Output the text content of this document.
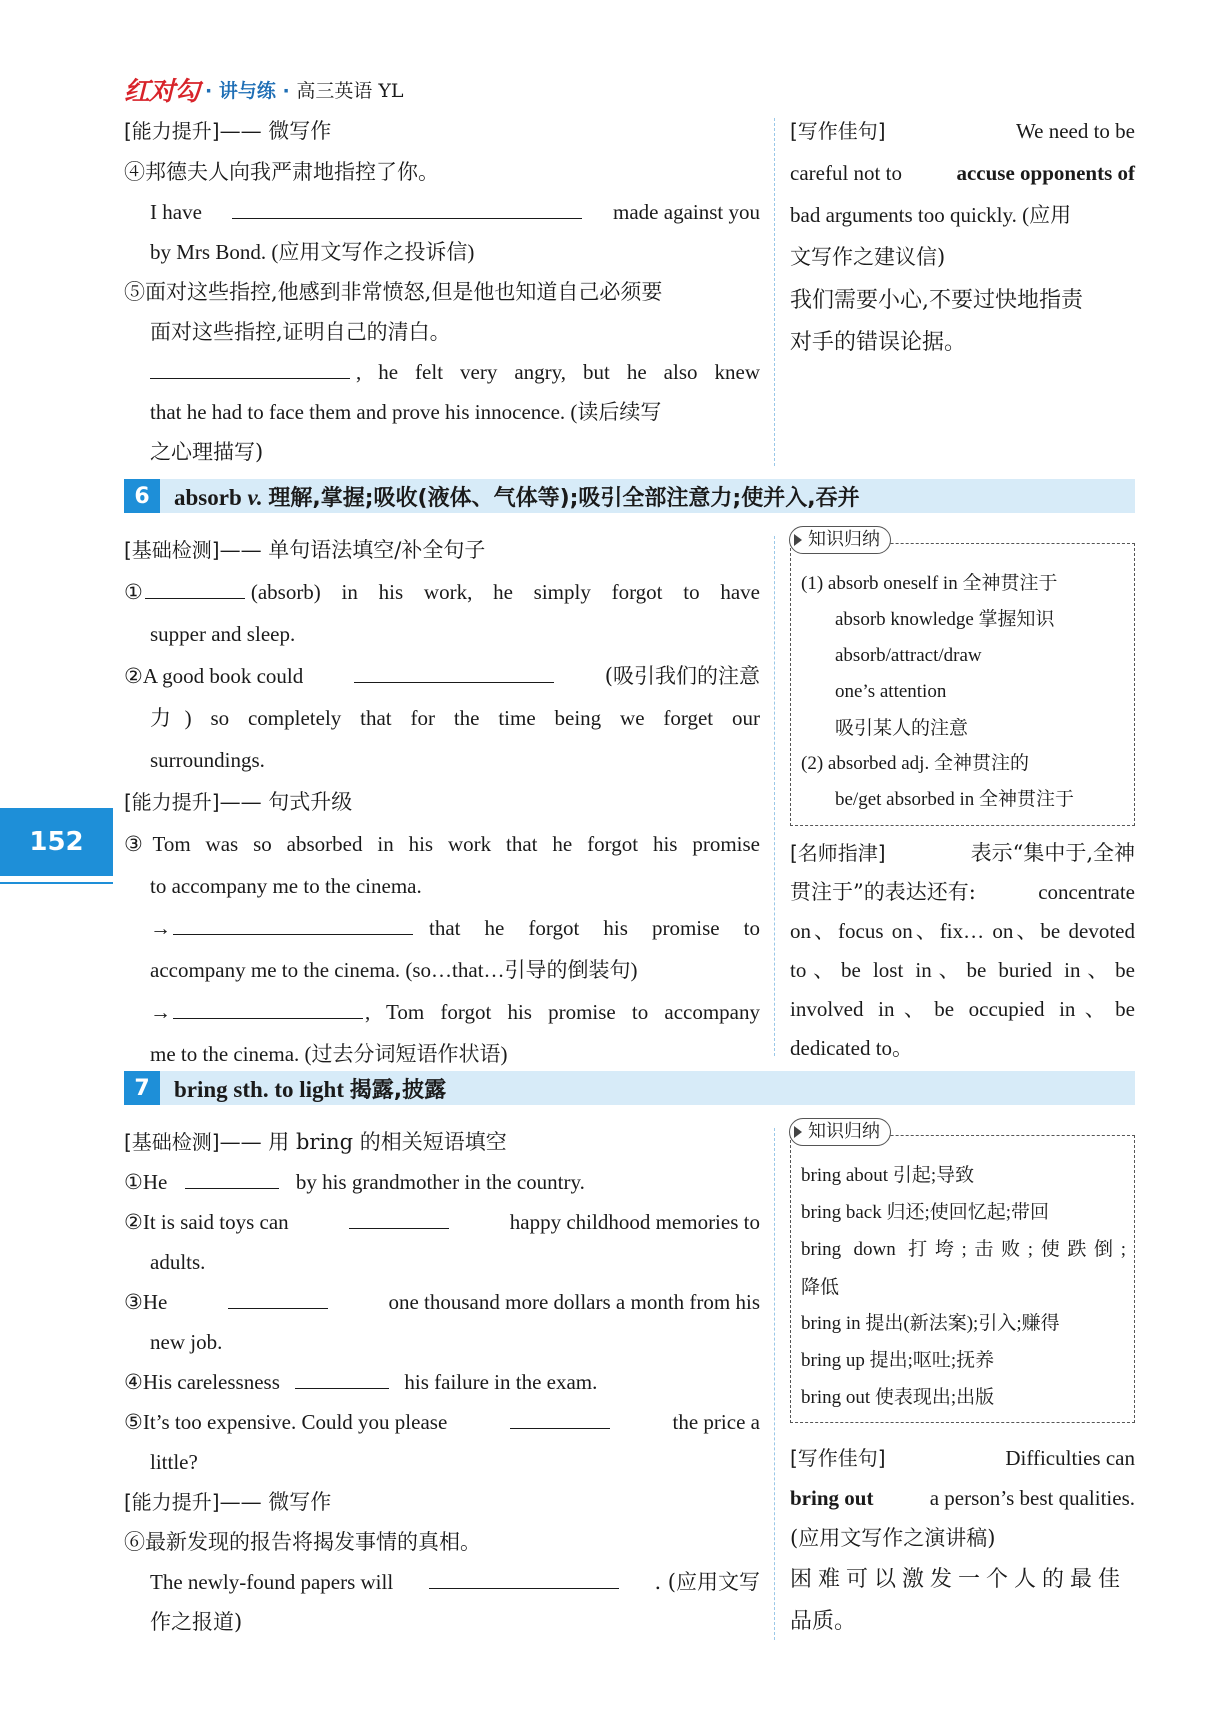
红对勾 · 讲与练 · 高三英语 YL
152
[能力提升]—— 微写作
④邦德夫人向我严肃地指控了你。
I have	made against you
by Mrs Bond. (应用文写作之投诉信)
⑤面对这些指控,他感到非常愤怒,但是他也知道自己必须要
面对这些指控,证明自己的清白。
, he felt very angry, but he also knew
that he had to face them and prove his innocence. (读后续写
之心理描写)
[写作佳句]	We need to be
careful not to	accuse opponents of
bad arguments too quickly. (应用
文写作之建议信)
我们需要小心,不要过快地指责
对手的错误论据。
6	absorb v. 理解,掌握;吸收(液体、气体等);吸引全部注意力;使并入,吞并
[基础检测]—— 单句语法填空/补全句子
①	(absorb) in his work, he simply forgot to have
supper and sleep.
②A good book could	(吸引我们的注意
力) so completely that for the time being we forget our
surroundings.
[能力提升]—— 句式升级
③Tom was so absorbed in his work that he forgot his promise
to accompany me to the cinema.
→	that he forgot his promise to
accompany me to the cinema. (so…that…引导的倒装句)
→	, Tom forgot his promise to accompany
me to the cinema. (过去分词短语作状语)
知识归纳
(1) absorb oneself in 全神贯注于
absorb knowledge 掌握知识
absorb/attract/draw
one’s attention
吸引某人的注意
(2) absorbed adj. 全神贯注的
be/get absorbed in 全神贯注于
[名师指津]	表示“集中于,全神
贯注于”的表达还有:	concentrate
on、focus on、fix… on、be devoted
to、be lost in、be buried in、be
involved in、be occupied in、be
dedicated to。
7	bring sth. to light 揭露,披露
[基础检测]—— 用 bring 的相关短语填空
①He	by his grandmother in the country.
②It is said toys can	happy childhood memories to
adults.
③He	one thousand more dollars a month from his
new job.
④His carelessness	his failure in the exam.
⑤It’s too expensive. Could you please	the price a
little?
[能力提升]—— 微写作
⑥最新发现的报告将揭发事情的真相。
The newly-found papers will	. (应用文写
作之报道)
知识归纳
bring about 引起;导致
bring back 归还;使回忆起;带回
bring down 打垮;击败;使跌倒;
降低
bring in 提出(新法案);引入;赚得
bring up 提出;呕吐;抚养
bring out 使表现出;出版
[写作佳句]	Difficulties can
bring out	a person’s best qualities.
(应用文写作之演讲稿)
困难可以激发一个人的最佳
品质。
